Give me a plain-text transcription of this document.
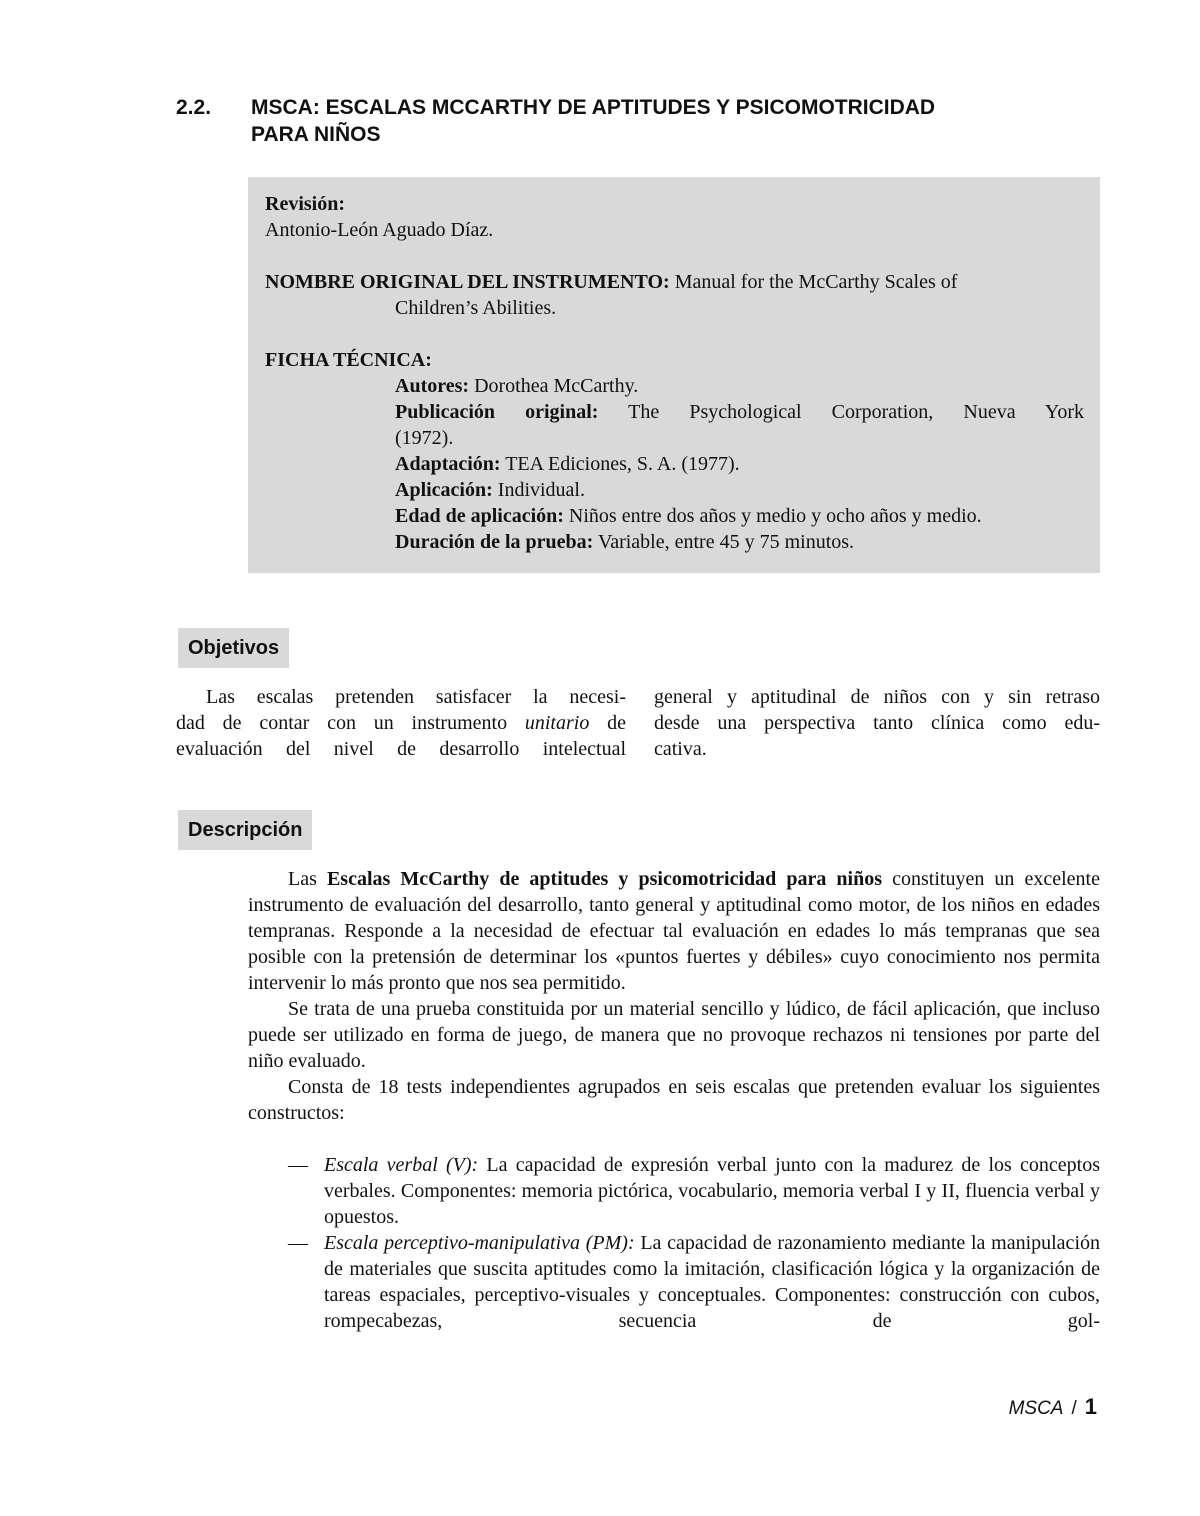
2.2.	MSCA: ESCALAS MCCARTHY DE APTITUDES Y PSICOMOTRICIDAD
PARA NIÑOS
Revisión:
Antonio-León Aguado Díaz.
NOMBRE ORIGINAL DEL INSTRUMENTO: Manual for the McCarthy Scales of
Children’s Abilities.
FICHA TÉCNICA:
Autores: Dorothea McCarthy.
Publicación original: The Psychological Corporation, Nueva York
(1972).
Adaptación: TEA Ediciones, S. A. (1977).
Aplicación: Individual.
Edad de aplicación: Niños entre dos años y medio y ocho años y medio.
Duración de la prueba: Variable, entre 45 y 75 minutos.
Objetivos

Las escalas pretenden satisfacer la necesi-

dad de contar con un instrumento unitario de

evaluación del nivel de desarrollo intelectual

general y aptitudinal de niños con y sin retraso

desde una perspectiva tanto clínica como edu-

cativa.

Descripción

Las Escalas McCarthy de aptitudes y psicomotricidad para niños constituyen un excelente instrumento de evaluación del desarrollo, tanto general y aptitudinal como motor, de los niños en edades tempranas. Responde a la necesidad de efectuar tal evaluación en edades lo más tempranas que sea posible con la pretensión de determinar los «puntos fuertes y débiles» cuyo conocimiento nos permita intervenir lo más pronto que nos sea permitido.

Se trata de una prueba constituida por un material sencillo y lúdico, de fácil aplicación, que incluso puede ser utilizado en forma de juego, de manera que no provoque rechazos ni tensiones por parte del niño evaluado.

Consta de 18 tests independientes agrupados en seis escalas que pretenden evaluar los siguientes constructos:

— Escala verbal (V): La capacidad de expresión verbal junto con la madurez de los conceptos verbales. Componentes: memoria pictórica, vocabulario, memoria verbal I y II, fluencia verbal y opuestos.

— Escala perceptivo-manipulativa (PM): La capacidad de razonamiento mediante la manipulación de materiales que suscita aptitudes como la imitación, clasificación lógica y la organización de tareas espaciales, perceptivo-visuales y conceptuales. Componentes: construcción con cubos, rompecabezas, secuencia de gol-

MSCA / 1
